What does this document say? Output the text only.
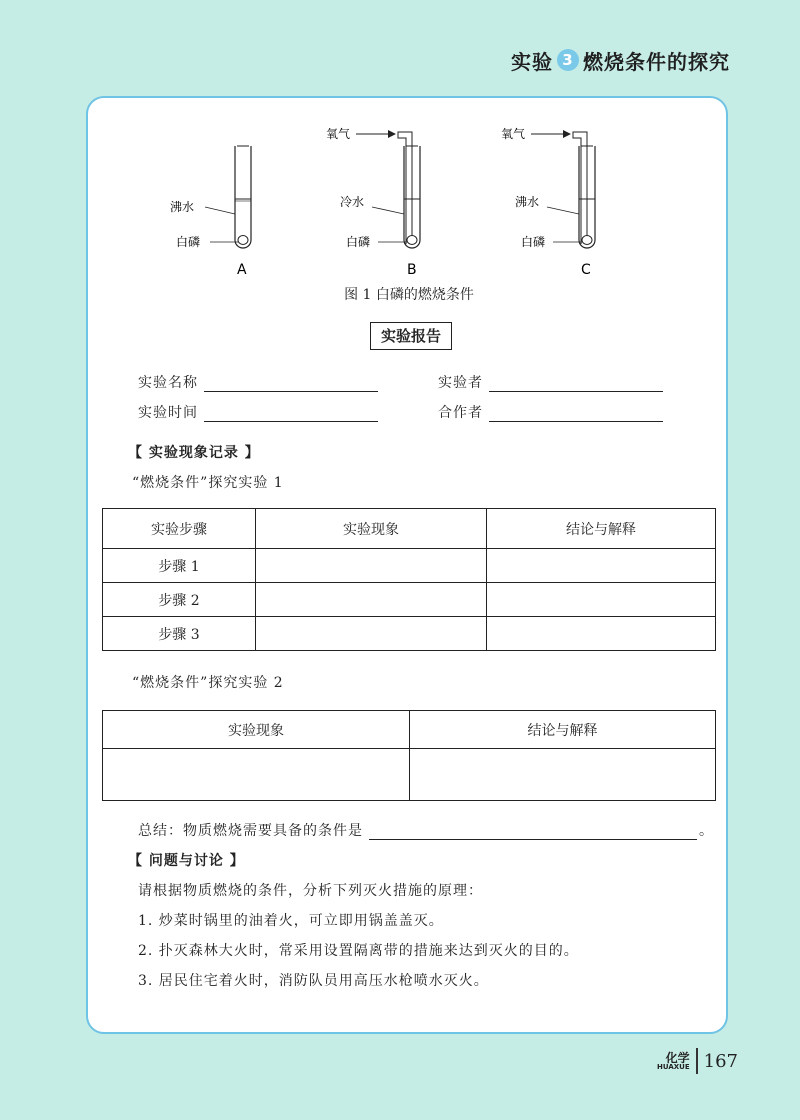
实验 3 燃烧条件的探究
沸水
白磷
A
氧气
冷水
白磷
B
氧气
沸水
白磷
C
图 1 白磷的燃烧条件
实验报告
实验名称	实验者
实验时间	合作者
【 实验现象记录 】
“燃烧条件”探究实验 1
实验步骤	实验现象	结论与解释
步骤 1		
步骤 2		
步骤 3		
“燃烧条件”探究实验 2
实验现象	结论与解释

总结：物质燃烧需要具备的条件是	。
【 问题与讨论 】
请根据物质燃烧的条件，分析下列灭火措施的原理：
1. 炒菜时锅里的油着火，可立即用锅盖盖灭。
2. 扑灭森林大火时，常采用设置隔离带的措施来达到灭火的目的。
3. 居民住宅着火时，消防队员用高压水枪喷水灭火。
化学
HUAXUE 167
